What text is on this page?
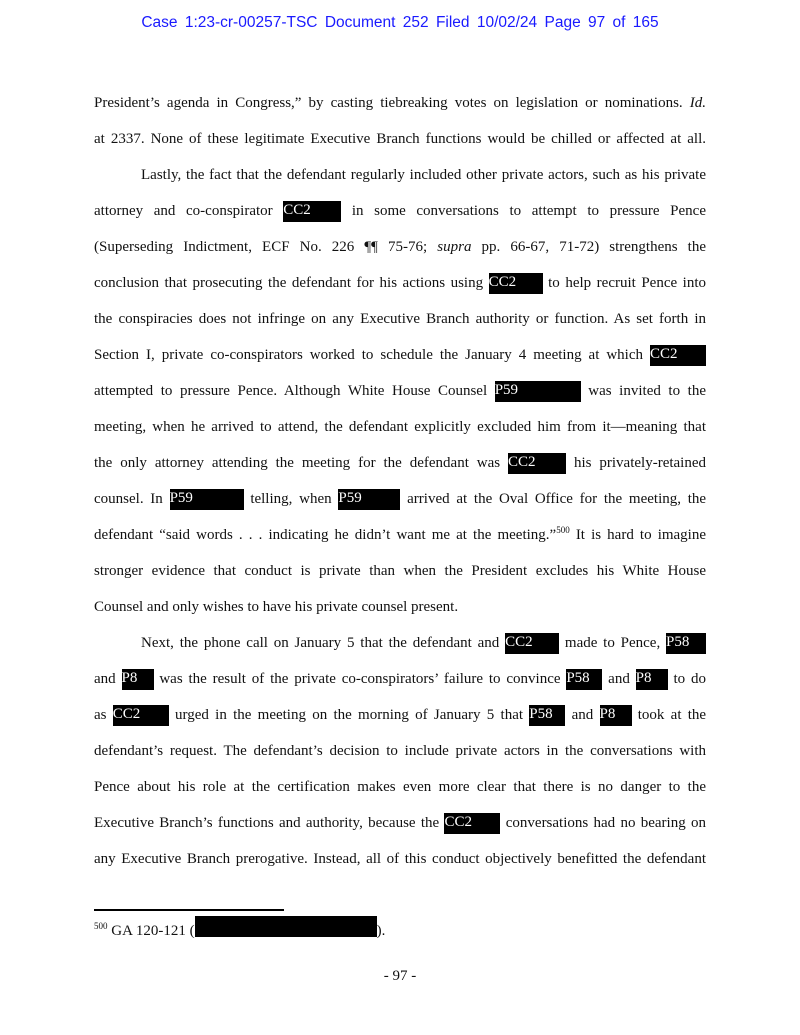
Case 1:23-cr-00257-TSC Document 252 Filed 10/02/24 Page 97 of 165
President’s agenda in Congress,” by casting tiebreaking votes on legislation or nominations. Id.
at 2337. None of these legitimate Executive Branch functions would be chilled or affected at all.
Lastly, the fact that the defendant regularly included other private actors, such as his private
attorney and co-conspirator CC2	in some conversations to attempt to pressure Pence
(Superseding Indictment, ECF No. 226 ¶¶ 75-76; supra pp. 66-67, 71-72) strengthens the
conclusion that prosecuting the defendant for his actions using CC2 to help recruit Pence into
the conspiracies does not infringe on any Executive Branch authority or function. As set forth in
Section I, private co-conspirators worked to schedule the January 4 meeting at which CC2
attempted to pressure Pence. Although White House Counsel P59	was invited to the
meeting, when he arrived to attend, the defendant explicitly excluded him from it—meaning that
the only attorney attending the meeting for the defendant was CC2	his privately-retained
counsel. In P59	telling, when P59	arrived at the Oval Office for the meeting, the
defendant “said words . . . indicating he didn’t want me at the meeting.”$^{500}$ It is hard to imagine
stronger evidence that conduct is private than when the President excludes his White House
Counsel and only wishes to have his private counsel present.
Next, the phone call on January 5 that the defendant and CC2 made to Pence, P58
and P8 was the result of the private co-conspirators’ failure to convince P58 and P8 to do
as CC2 urged in the meeting on the morning of January 5 that P58 and P8 took at the
defendant’s request. The defendant’s decision to include private actors in the conversations with
Pence about his role at the certification makes even more clear that there is no danger to the
Executive Branch’s functions and authority, because the CC2 conversations had no bearing on
any Executive Branch prerogative. Instead, all of this conduct objectively benefitted the defendant
$^{500}$ GA 120-121 (	).
- 97 -
